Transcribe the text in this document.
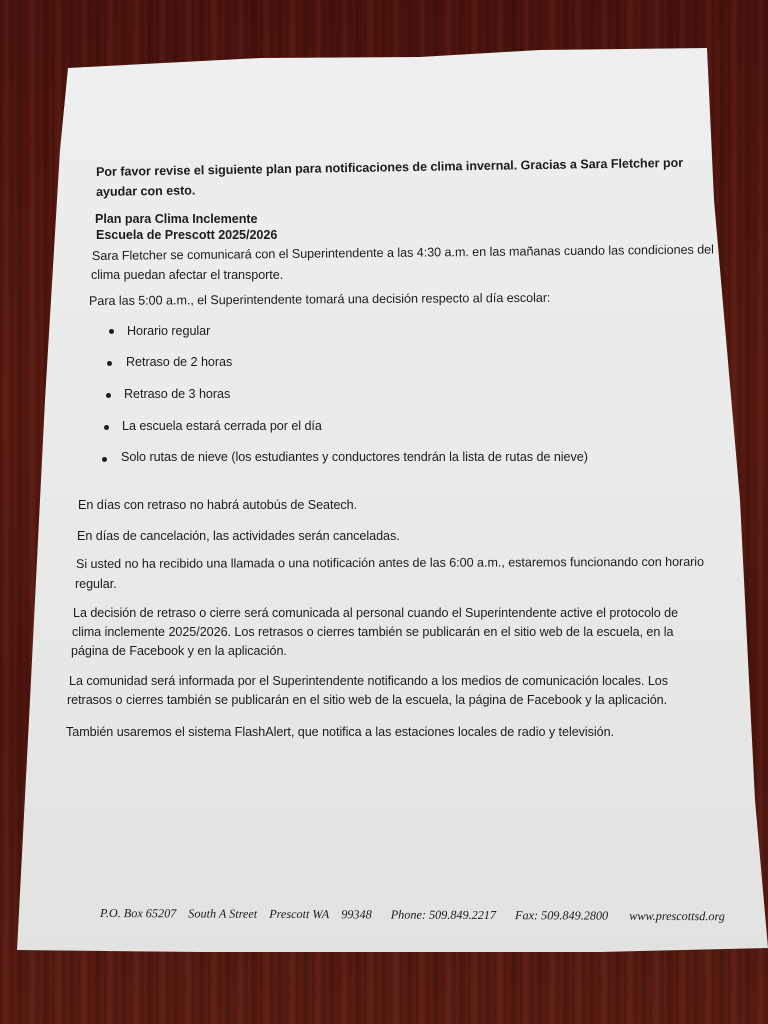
Por favor revise el siguiente plan para notificaciones de clima invernal. Gracias a Sara Fletcher por
ayudar con esto.
Plan para Clima Inclemente
Escuela de Prescott 2025/2026
Sara Fletcher se comunicará con el Superintendente a las 4:30 a.m. en las mañanas cuando las condiciones del
clima puedan afectar el transporte.
Para las 5:00 a.m., el Superintendente tomará una decisión respecto al día escolar:
Horario regular
Retraso de 2 horas
Retraso de 3 horas
La escuela estará cerrada por el día
Solo rutas de nieve (los estudiantes y conductores tendrán la lista de rutas de nieve)
En días con retraso no habrá autobús de Seatech.
En días de cancelación, las actividades serán canceladas.
Si usted no ha recibido una llamada o una notificación antes de las 6:00 a.m., estaremos funcionando con horario
regular.
La decisión de retraso o cierre será comunicada al personal cuando el Superintendente active el protocolo de
clima inclemente 2025/2026. Los retrasos o cierres también se publicarán en el sitio web de la escuela, en la
página de Facebook y en la aplicación.
La comunidad será informada por el Superintendente notificando a los medios de comunicación locales. Los
retrasos o cierres también se publicarán en el sitio web de la escuela, la página de Facebook y la aplicación.
También usaremos el sistema FlashAlert, que notifica a las estaciones locales de radio y televisión.
P.O. Box 65207 South A Street Prescott WA 99348 Phone: 509.849.2217 Fax: 509.849.2800 www.prescottsd.org
